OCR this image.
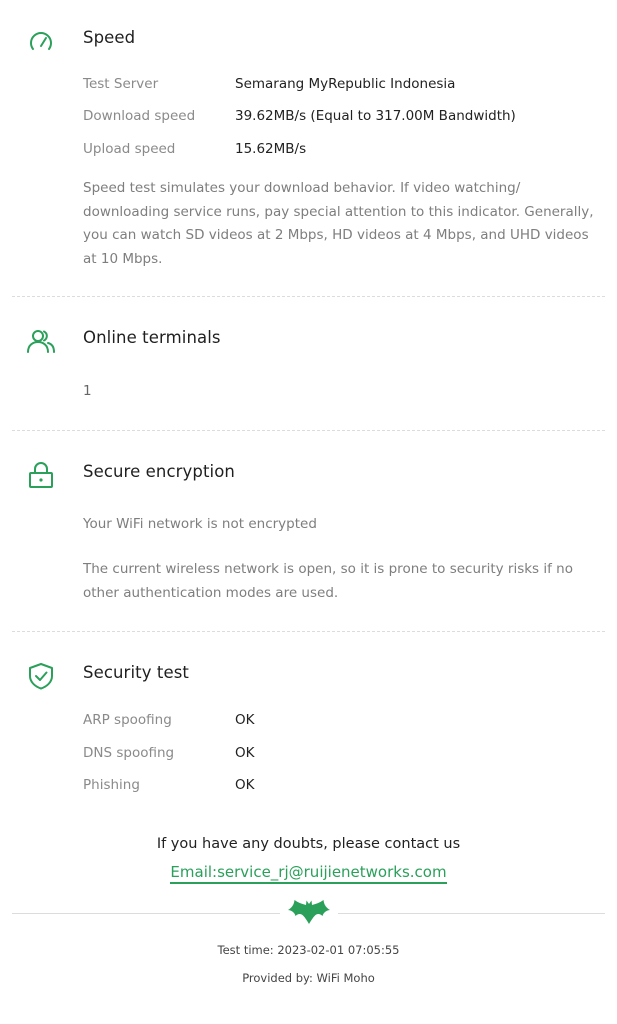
Speed
Test Server	Semarang MyRepublic Indonesia
Download speed	39.62MB/s (Equal to 317.00M Bandwidth)
Upload speed	15.62MB/s
Speed test simulates your download behavior. If video watching/ downloading service runs, pay special attention to this indicator. Generally, you can watch SD videos at 2 Mbps, HD videos at 4 Mbps, and UHD videos at 10 Mbps.
Online terminals
1
Secure encryption
Your WiFi network is not encrypted
The current wireless network is open, so it is prone to security risks if no other authentication modes are used.
Security test
ARP spoofing	OK
DNS spoofing	OK
Phishing	OK
If you have any doubts, please contact us
Email:service_rj@ruijienetworks.com
Test time: 2023-02-01 07:05:55
Provided by: WiFi Moho
